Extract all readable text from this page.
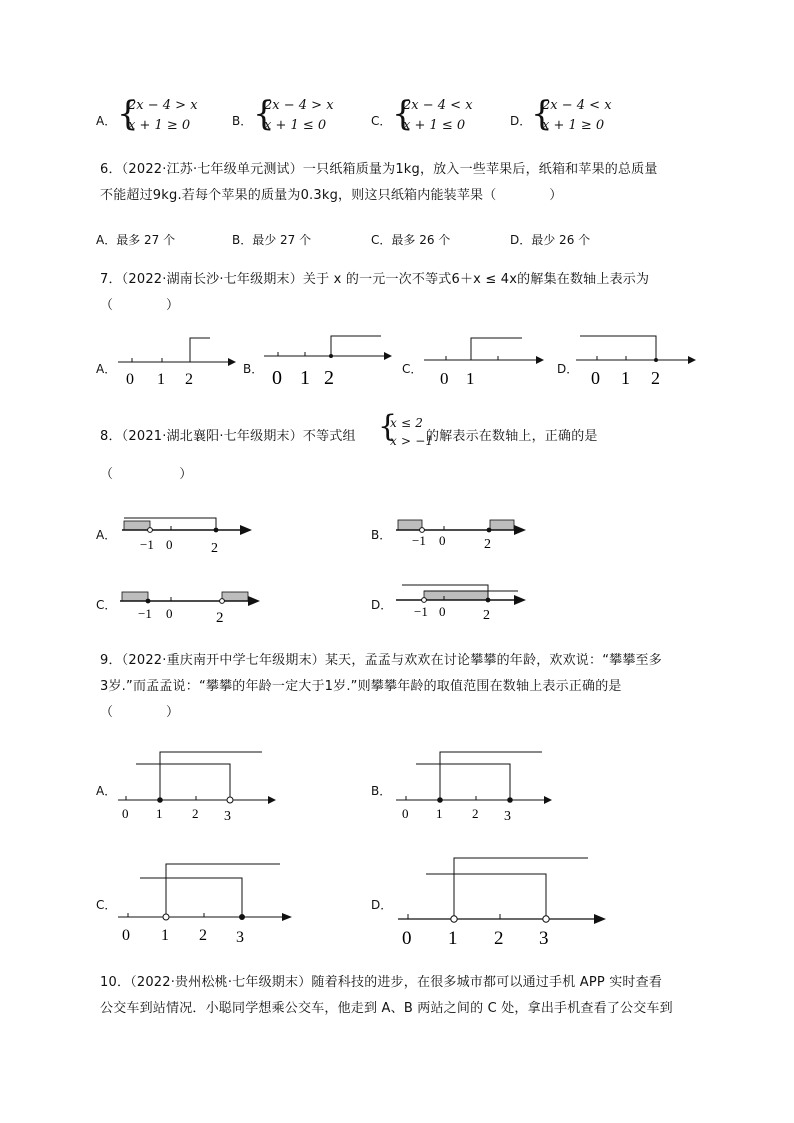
A． {
2x − 4 > x
x + 1 ≥ 0	B． {
2x − 4 > x
x + 1 ≤ 0	C． {
2x − 4 < x
x + 1 ≤ 0	D． {
2x − 4 < x
x + 1 ≥ 0
6．（2022·江苏·七年级单元测试）一只纸箱质量为1kg，放入一些苹果后，纸箱和苹果的总质量
不能超过9kg.若每个苹果的质量为0.3kg，则这只纸箱内能装苹果（　　　　）
A．最多 27 个	B．最少 27 个	C．最多 26 个	D．最少 26 个
7．（2022·湖南长沙·七年级期末）关于 x 的一元一次不等式6＋x ≤ 4x的解集在数轴上表示为
（　　　　）
A．
0 1 2
B． 0 1 2	C． 0 1	D． 0 1 2
8．（2021·湖北襄阳·七年级期末）不等式组 {
x ≤ 2
x > −1
的解表示在数轴上，正确的是
（　　　　　）
A．
−1 0	2
B． −1 0	2
C．
−1 0	2
D． −1 0	2
9．（2022·重庆南开中学七年级期末）某天，孟孟与欢欢在讨论攀攀的年龄，欢欢说：“攀攀至多
3岁.”而孟孟说：“攀攀的年龄一定大于1岁.”则攀攀年龄的取值范围在数轴上表示正确的是
（　　　　）
A．
0 1 2 3
B．
0 1 2 3
C．
0 1 2 3
D．
0 1 2 3
10．（2022·贵州松桃·七年级期末）随着科技的进步，在很多城市都可以通过手机 APP 实时查看
公交车到站情况．小聪同学想乘公交车，他走到 A、B 两站之间的 C 处，拿出手机查看了公交车到
